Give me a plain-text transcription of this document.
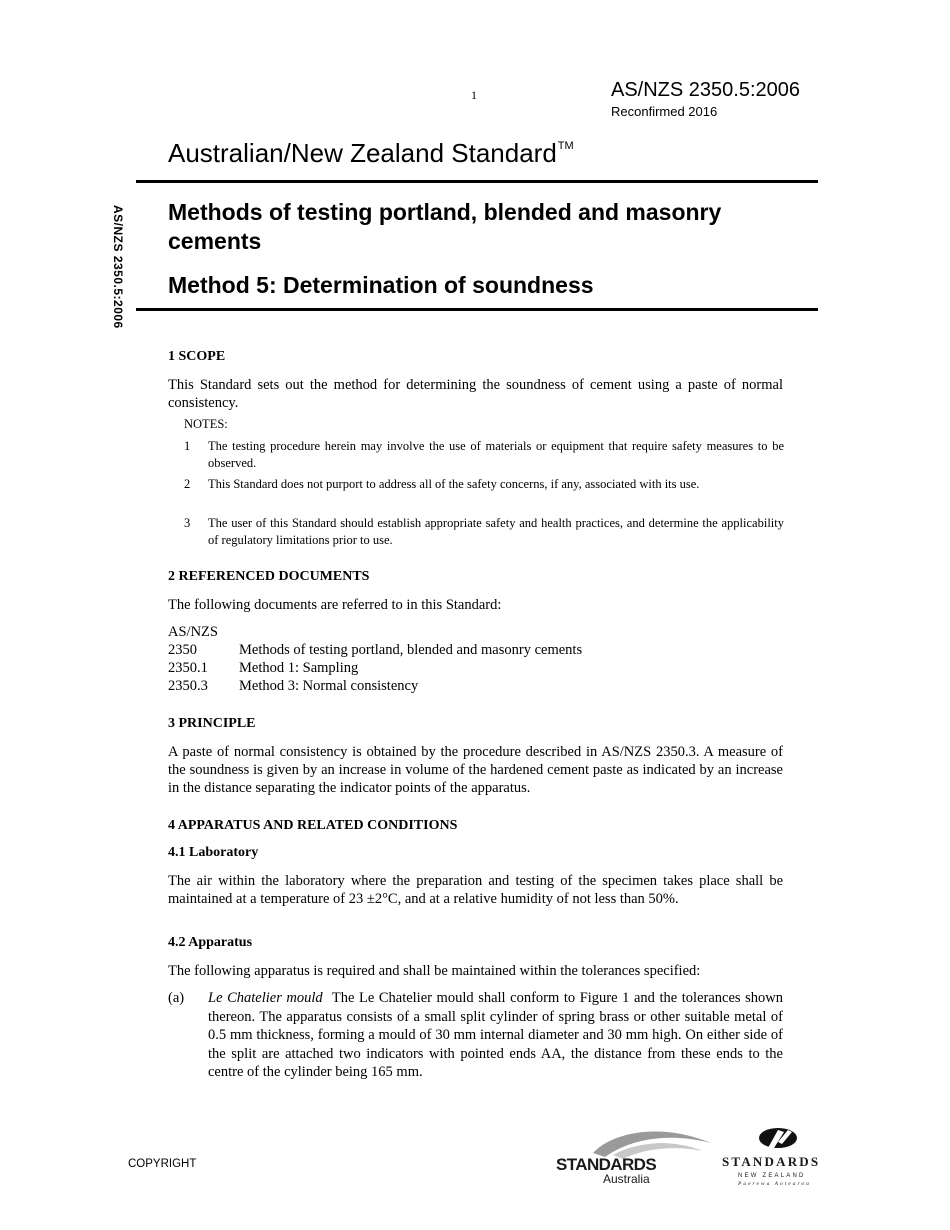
1	AS/NZS 2350.5:2006
Reconfirmed 2016
Australian/New Zealand Standard™
Methods of testing portland, blended and masonry cements
Method 5: Determination of soundness
AS/NZS 2350.5:2006
1 SCOPE
This Standard sets out the method for determining the soundness of cement using a paste of normal consistency.
NOTES:
1 The testing procedure herein may involve the use of materials or equipment that require safety measures to be observed.
2 This Standard does not purport to address all of the safety concerns, if any, associated with its use.
3 The user of this Standard should establish appropriate safety and health practices, and determine the applicability of regulatory limitations prior to use.
2 REFERENCED DOCUMENTS
The following documents are referred to in this Standard:
AS/NZS
2350	Methods of testing portland, blended and masonry cements
2350.1 Method 1: Sampling
2350.3 Method 3: Normal consistency
3 PRINCIPLE
A paste of normal consistency is obtained by the procedure described in AS/NZS 2350.3. A measure of the soundness is given by an increase in volume of the hardened cement paste as indicated by an increase in the distance separating the indicator points of the apparatus.
4 APPARATUS AND RELATED CONDITIONS
4.1 Laboratory
The air within the laboratory where the preparation and testing of the specimen takes place shall be maintained at a temperature of 23 ±2°C, and at a relative humidity of not less than 50%.
4.2 Apparatus
The following apparatus is required and shall be maintained within the tolerances specified:
(a) Le Chatelier mould The Le Chatelier mould shall conform to Figure 1 and the tolerances shown thereon. The apparatus consists of a small split cylinder of spring brass or other suitable metal of 0.5 mm thickness, forming a mould of 30 mm internal diameter and 30 mm high. On either side of the split are attached two indicators with pointed ends AA, the distance from these ends to the centre of the cylinder being 165 mm.
COPYRIGHT	STANDARDS
Australia
STANDARDS
NEW ZEALAND
Paerewa Aotearoa
